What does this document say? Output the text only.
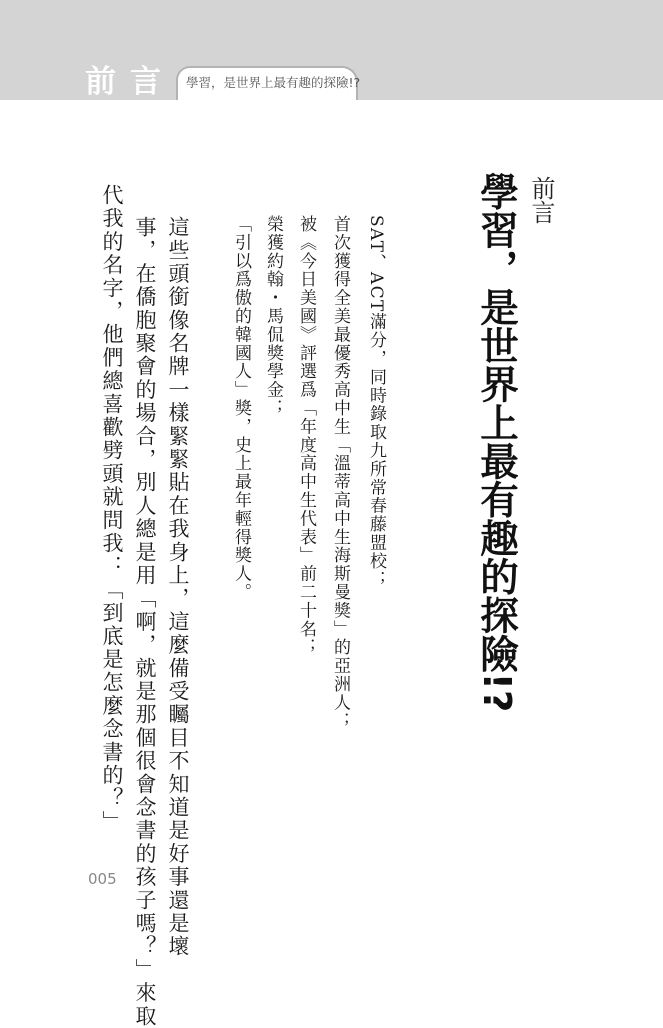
前言 學習，是世界上最有趣的探險!?
前言
學習，是世界上最有趣的探險!?
SAT、ACT滿分，同時錄取九所常春藤盟校；
首次獲得全美最優秀高中生「溫蒂高中生海斯曼獎」的亞洲人；
被《今日美國》評選爲「年度高中生代表」前二十名；
榮獲約翰・馬侃獎學金；
「引以爲傲的韓國人」獎，史上最年輕得獎人。
這些頭銜像名牌一樣緊緊貼在我身上，這麼備受矚目不知道是好事還是壞
事，在僑胞聚會的場合，別人總是用「啊，就是那個很會念書的孩子嗎？」來取
代我的名字，他們總喜歡劈頭就問我：「到底是怎麼念書的？」
005
